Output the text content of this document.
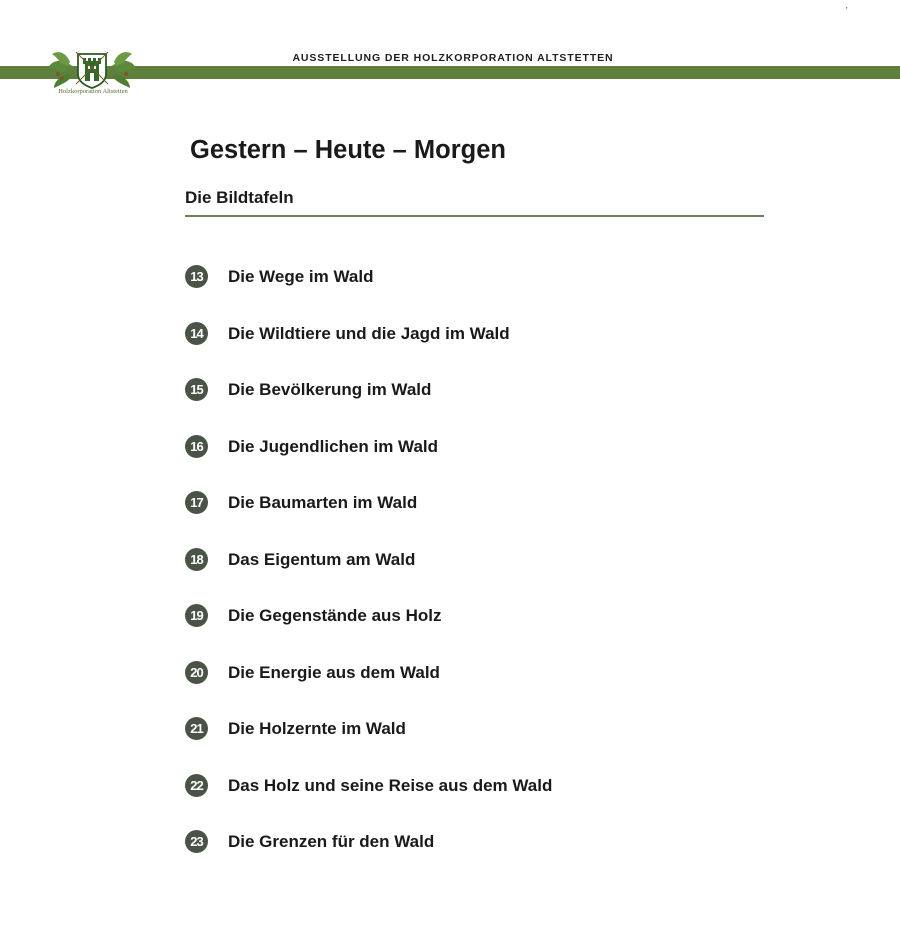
,
AUSSTELLUNG DER HOLZKORPORATION ALTSTETTEN
Holzkorporation Altstetten
Gestern – Heute – Morgen
Die Bildtafeln
13	Die Wege im Wald
14	Die Wildtiere und die Jagd im Wald
15	Die Bevölkerung im Wald
16	Die Jugendlichen im Wald
17	Die Baumarten im Wald
18	Das Eigentum am Wald
19	Die Gegenstände aus Holz
20	Die Energie aus dem Wald
21	Die Holzernte im Wald
22	Das Holz und seine Reise aus dem Wald
23	Die Grenzen für den Wald
